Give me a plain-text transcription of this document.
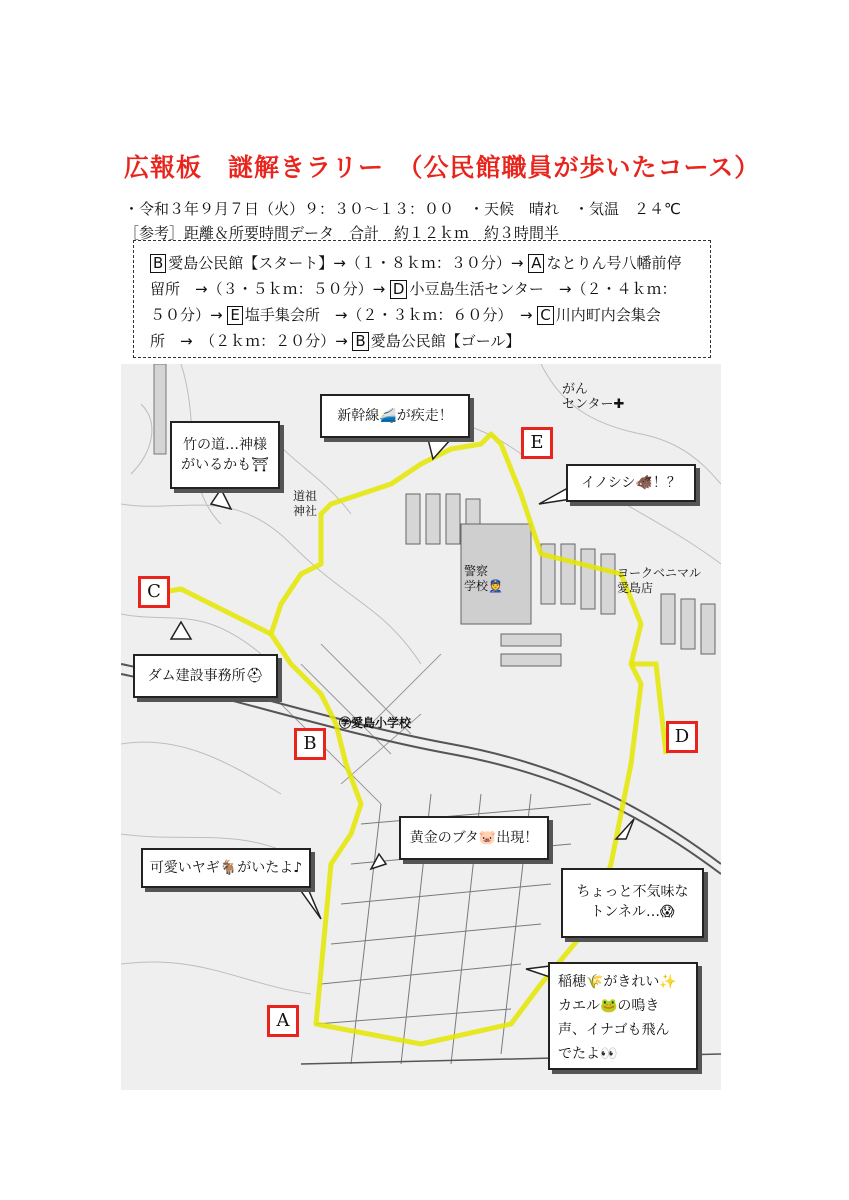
広報板　謎解きラリー　（公民館職員が歩いたコース）
・令和３年９月７日（火）９：３０～１３：００　・天候　晴れ　・気温　２４℃
［参考］距離＆所要時間データ　合計　約１２ｋｍ　約３時間半
B 愛島公民館【スタート】→（１・８ｋｍ：３０分）→ A なとりん号八幡前停
留所　→（３・５ｋｍ：５０分）→ D 小豆島生活センター　→（２・４ｋｍ：
５０分）→ E 塩手集会所　→（２・３ｋｍ：６０分）　→ C 川内町内会集会
所　→　（２ｋｍ：２０分）→ B 愛島公民館【ゴール】
E
C
B	D
A
新幹線🚄が疾走！
竹の道…神様
がいるかも⛩
イノシシ🐗！？
ダム建設事務所⛑
黄金のブタ🐷出現！
可愛いヤギ🐐がいたよ♪
ちょっと不気味な
トンネル…😱
稲穂🌾がきれい✨
カエル🐸の鳴き
声、イナゴも飛ん
でたよ👀
がん
センター✚
道祖
神社
警察
学校👮
ヨークベニマル
愛島店
㊫愛島小学校
